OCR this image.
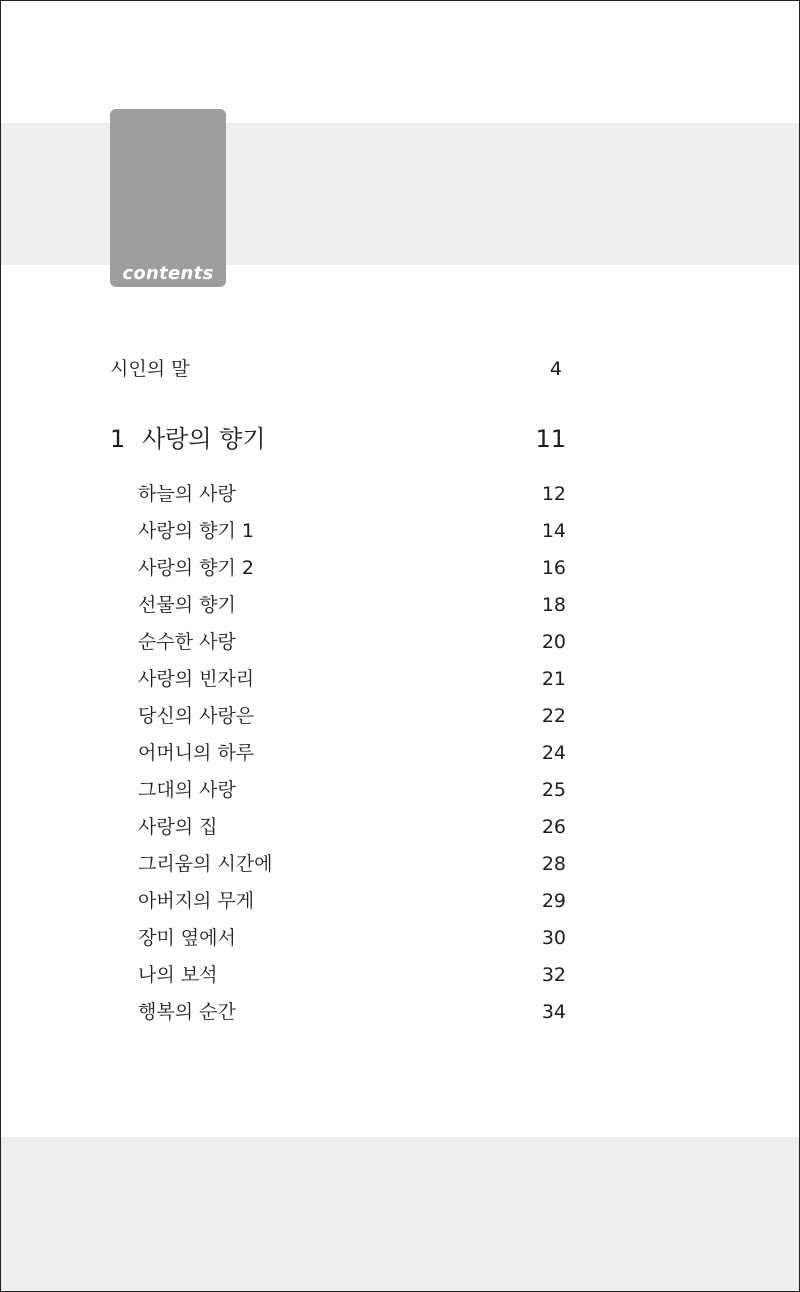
contents
시인의 말	4
1 사랑의 향기	11
하늘의 사랑	12
사랑의 향기 1	14
사랑의 향기 2	16
선물의 향기	18
순수한 사랑	20
사랑의 빈자리	21
당신의 사랑은	22
어머니의 하루	24
그대의 사랑	25
사랑의 집	26
그리움의 시간에	28
아버지의 무게	29
장미 옆에서	30
나의 보석	32
행복의 순간	34
